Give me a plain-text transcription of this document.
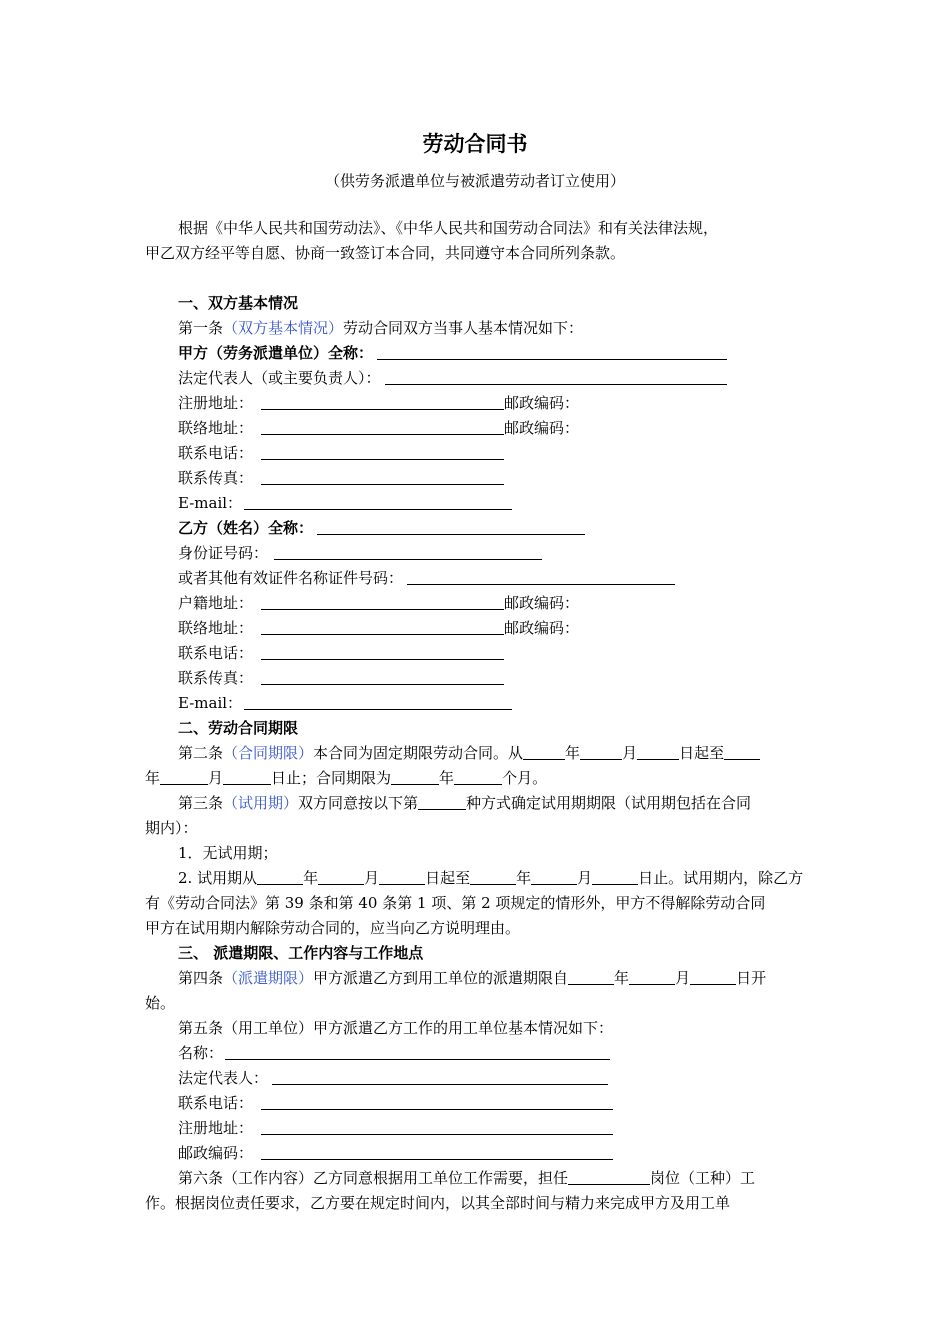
劳动合同书
（供劳务派遣单位与被派遣劳动者订立使用）
根据《中华人民共和国劳动法》、《中华人民共和国劳动合同法》和有关法律法规，
甲乙双方经平等自愿、协商一致签订本合同，共同遵守本合同所列条款。
一、双方基本情况
第一条（双方基本情况）劳动合同双方当事人基本情况如下：
甲方（劳务派遣单位）全称：
法定代表人（或主要负责人）：
注册地址：	邮政编码：
联络地址：	邮政编码：
联系电话：
联系传真：
E-mail：
乙方（姓名）全称：
身份证号码：
或者其他有效证件名称证件号码：
户籍地址：	邮政编码：
联络地址：	邮政编码：
联系电话：
联系传真：
E-mail：
二、劳动合同期限
第二条（合同期限）本合同为固定期限劳动合同。从	年	月	日起至
年	月	日止；合同期限为	年	个月。
第三条（试用期）双方同意按以下第	种方式确定试用期期限（试用期包括在合同
期内）：
1．无试用期；
2. 试用期从	年	月	日起至	年	月	日止。试用期内，除乙方
有《劳动合同法》第 39 条和第 40 条第 1 项、第 2 项规定的情形外，甲方不得解除劳动合同
甲方在试用期内解除劳动合同的，应当向乙方说明理由。
三、 派遣期限、工作内容与工作地点
第四条（派遣期限）甲方派遣乙方到用工单位的派遣期限自	年	月	日开
始。
第五条（用工单位）甲方派遣乙方工作的用工单位基本情况如下：
名称：
法定代表人：
联系电话：
注册地址：
邮政编码：
第六条（工作内容）乙方同意根据用工单位工作需要，担任	岗位（工种）工
作。根据岗位责任要求，乙方要在规定时间内，以其全部时间与精力来完成甲方及用工单
